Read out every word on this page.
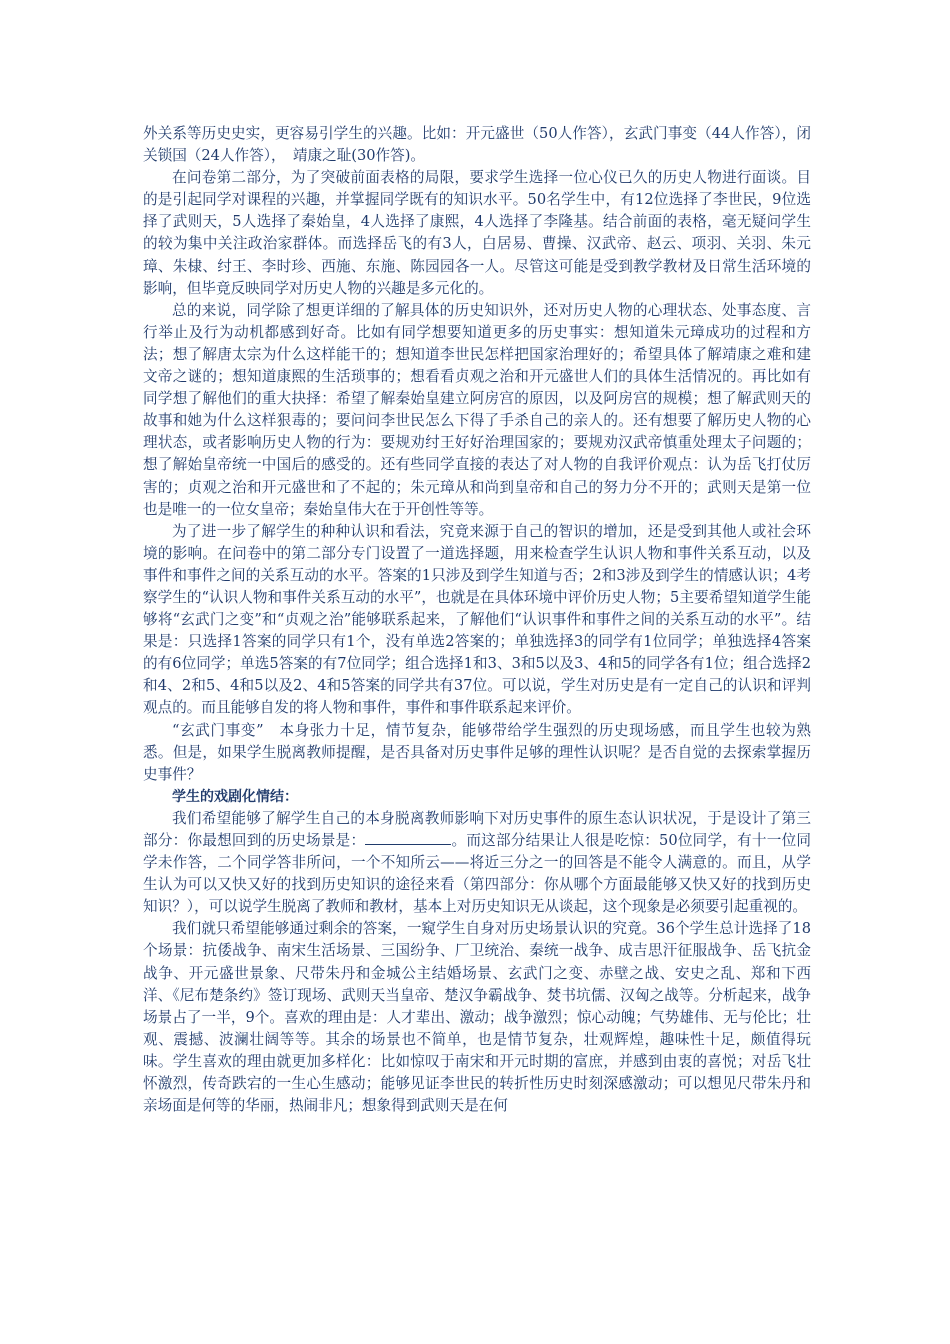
外关系等历史史实，更容易引学生的兴趣。比如：开元盛世（50人作答），玄武门事变（44人作答），闭关锁国（24人作答），　靖康之耻(30作答)。

在问卷第二部分，为了突破前面表格的局限，要求学生选择一位心仪已久的历史人物进行面谈。目的是引起同学对课程的兴趣，并掌握同学既有的知识水平。50名学生中，有12位选择了李世民，9位选择了武则天，5人选择了秦始皇，4人选择了康熙，4人选择了李隆基。结合前面的表格，毫无疑问学生的较为集中关注政治家群体。而选择岳飞的有3人，白居易、曹操、汉武帝、赵云、项羽、关羽、朱元璋、朱棣、纣王、李时珍、西施、东施、陈园园各一人。尽管这可能是受到教学教材及日常生活环境的影响，但毕竟反映同学对历史人物的兴趣是多元化的。

总的来说，同学除了想更详细的了解具体的历史知识外，还对历史人物的心理状态、处事态度、言行举止及行为动机都感到好奇。比如有同学想要知道更多的历史事实：想知道朱元璋成功的过程和方法；想了解唐太宗为什么这样能干的；想知道李世民怎样把国家治理好的；希望具体了解靖康之难和建文帝之谜的；想知道康熙的生活琐事的；想看看贞观之治和开元盛世人们的具体生活情况的。再比如有同学想了解他们的重大抉择：希望了解秦始皇建立阿房宫的原因，以及阿房宫的规模；想了解武则天的故事和她为什么这样狠毒的；要问问李世民怎么下得了手杀自己的亲人的。还有想要了解历史人物的心理状态，或者影响历史人物的行为：要规劝纣王好好治理国家的；要规劝汉武帝慎重处理太子问题的；想了解始皇帝统一中国后的感受的。还有些同学直接的表达了对人物的自我评价观点：认为岳飞打仗厉害的；贞观之治和开元盛世和了不起的；朱元璋从和尚到皇帝和自己的努力分不开的；武则天是第一位也是唯一的一位女皇帝；秦始皇伟大在于开创性等等。

为了进一步了解学生的种种认识和看法，究竟来源于自己的智识的增加，还是受到其他人或社会环境的影响。在问卷中的第二部分专门设置了一道选择题，用来检查学生认识人物和事件关系互动，以及事件和事件之间的关系互动的水平。答案的1只涉及到学生知道与否；2和3涉及到学生的情感认识；4考察学生的“认识人物和事件关系互动的水平”，也就是在具体环境中评价历史人物；5主要希望知道学生能够将“玄武门之变”和“贞观之治”能够联系起来，了解他们“认识事件和事件之间的关系互动的水平”。结果是：只选择1答案的同学只有1个，没有单选2答案的；单独选择3的同学有1位同学；单独选择4答案的有6位同学；单选5答案的有7位同学；组合选择1和3、3和5以及3、4和5的同学各有1位；组合选择2和4、2和5、4和5以及2、4和5答案的同学共有37位。可以说，学生对历史是有一定自己的认识和评判观点的。而且能够自发的将人物和事件，事件和事件联系起来评价。

“玄武门事变”　本身张力十足，情节复杂，能够带给学生强烈的历史现场感，而且学生也较为熟悉。但是，如果学生脱离教师提醒，是否具备对历史事件足够的理性认识呢？是否自觉的去探索掌握历史事件？

学生的戏剧化情结：

我们希望能够了解学生自己的本身脱离教师影响下对历史事件的原生态认识状况，于是设计了第三部分：你最想回到的历史场景是：	。而这部分结果让人很是吃惊：50位同学，有十一位同学未作答，二个同学答非所问，一个不知所云——将近三分之一的回答是不能令人满意的。而且，从学生认为可以又快又好的找到历史知识的途径来看（第四部分：你从哪个方面最能够又快又好的找到历史知识？），可以说学生脱离了教师和教材，基本上对历史知识无从谈起，这个现象是必须要引起重视的。

我们就只希望能够通过剩余的答案，一窥学生自身对历史场景认识的究竟。36个学生总计选择了18个场景：抗倭战争、南宋生活场景、三国纷争、厂卫统治、秦统一战争、成吉思汗征服战争、岳飞抗金战争、开元盛世景象、尺带朱丹和金城公主结婚场景、玄武门之变、赤壁之战、安史之乱、郑和下西洋、《尼布楚条约》签订现场、武则天当皇帝、楚汉争霸战争、焚书坑儒、汉匈之战等。分析起来，战争场景占了一半，9个。喜欢的理由是：人才辈出、激动；战争激烈；惊心动魄；气势雄伟、无与伦比；壮观、震撼、波澜壮阔等等。其余的场景也不简单，也是情节复杂，壮观辉煌，趣味性十足，颇值得玩味。学生喜欢的理由就更加多样化：比如惊叹于南宋和开元时期的富庶，并感到由衷的喜悦；对岳飞壮怀激烈，传奇跌宕的一生心生感动；能够见证李世民的转折性历史时刻深感激动；可以想见尺带朱丹和亲场面是何等的华丽，热闹非凡；想象得到武则天是在何
